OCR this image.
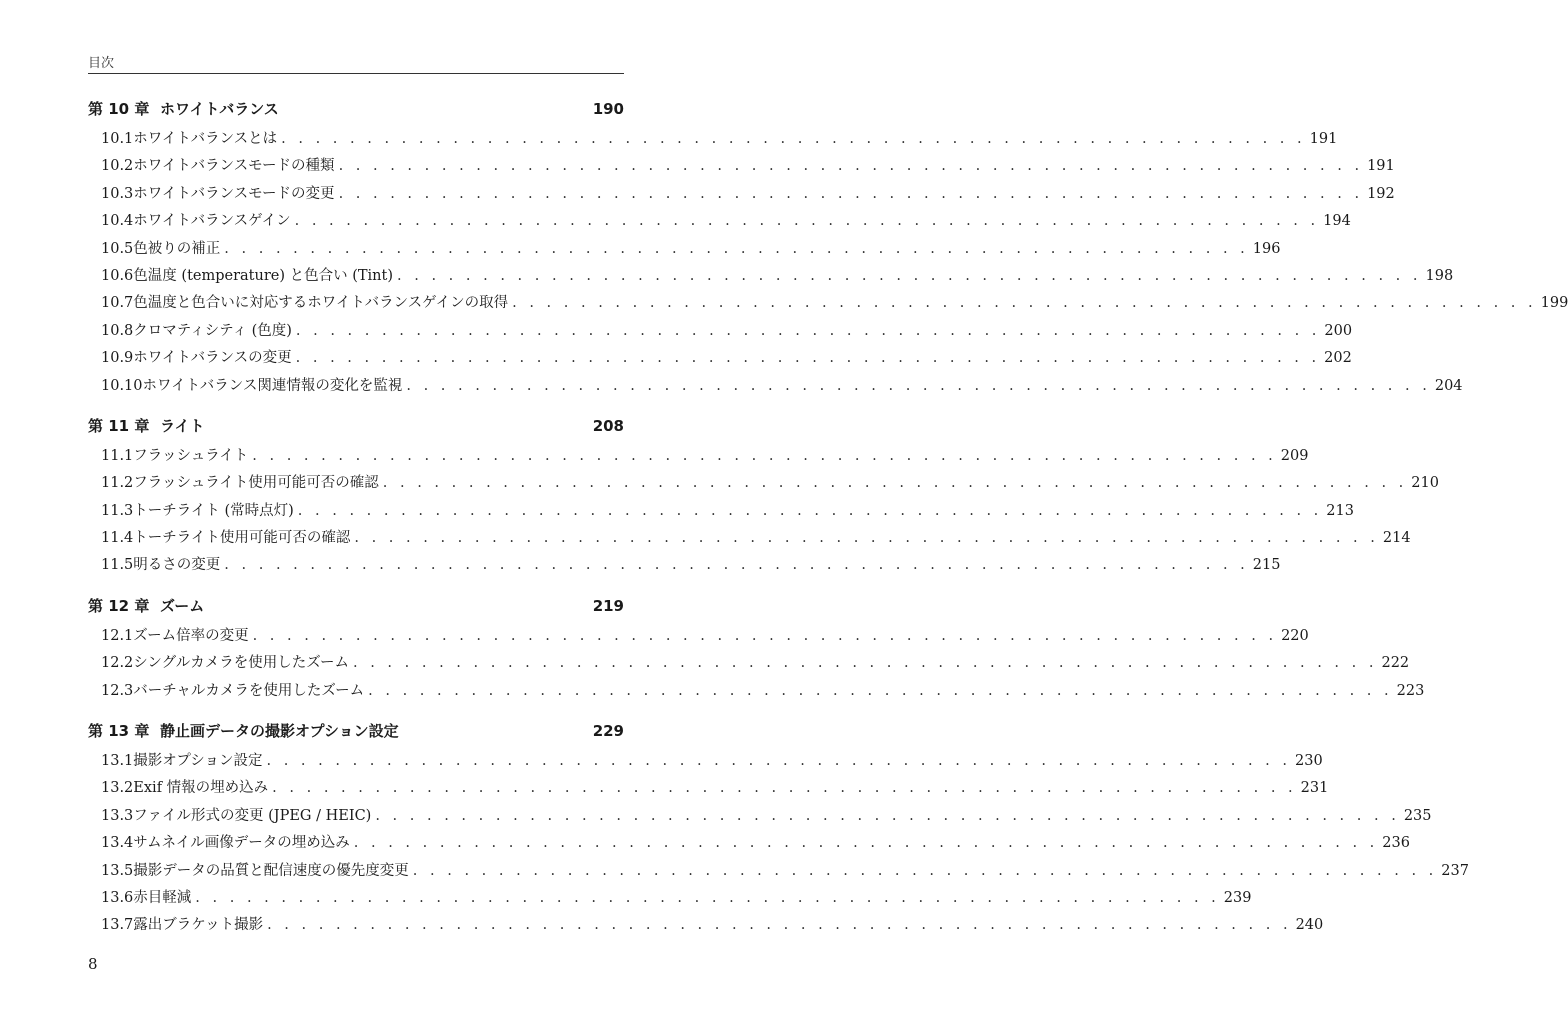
目次
第 10 章 ホワイトバランス	190
10.1 ホワイトバランスとは . . . . . . . . . . . . . . . . . . . . . . . . . . . . . . . . . . . . . . . . . . . . . . . . . . . . . . . . . . . . 191
10.2 ホワイトバランスモードの種類 . . . . . . . . . . . . . . . . . . . . . . . . . . . . . . . . . . . . . . . . . . . . . . . . . . . . . . . . . . . . 191
10.3 ホワイトバランスモードの変更 . . . . . . . . . . . . . . . . . . . . . . . . . . . . . . . . . . . . . . . . . . . . . . . . . . . . . . . . . . . . 192
10.4 ホワイトバランスゲイン . . . . . . . . . . . . . . . . . . . . . . . . . . . . . . . . . . . . . . . . . . . . . . . . . . . . . . . . . . . . 194
10.5 色被りの補正 . . . . . . . . . . . . . . . . . . . . . . . . . . . . . . . . . . . . . . . . . . . . . . . . . . . . . . . . . . . . 196
10.6 色温度 (temperature) と色合い (Tint) . . . . . . . . . . . . . . . . . . . . . . . . . . . . . . . . . . . . . . . . . . . . . . . . . . . . . . . . . . . . 198
10.7 色温度と色合いに対応するホワイトバランスゲインの取得 . . . . . . . . . . . . . . . . . . . . . . . . . . . . . . . . . . . . . . . . . . . . . . . . . . . . . . . . . . . . 199
10.8 クロマティシティ (色度) . . . . . . . . . . . . . . . . . . . . . . . . . . . . . . . . . . . . . . . . . . . . . . . . . . . . . . . . . . . . 200
10.9 ホワイトバランスの変更 . . . . . . . . . . . . . . . . . . . . . . . . . . . . . . . . . . . . . . . . . . . . . . . . . . . . . . . . . . . . 202
10.10 ホワイトバランス関連情報の変化を監視 . . . . . . . . . . . . . . . . . . . . . . . . . . . . . . . . . . . . . . . . . . . . . . . . . . . . . . . . . . . . 204
第 11 章 ライト	208
11.1 フラッシュライト . . . . . . . . . . . . . . . . . . . . . . . . . . . . . . . . . . . . . . . . . . . . . . . . . . . . . . . . . . . . 209
11.2 フラッシュライト使用可能可否の確認 . . . . . . . . . . . . . . . . . . . . . . . . . . . . . . . . . . . . . . . . . . . . . . . . . . . . . . . . . . . . 210
11.3 トーチライト (常時点灯) . . . . . . . . . . . . . . . . . . . . . . . . . . . . . . . . . . . . . . . . . . . . . . . . . . . . . . . . . . . . 213
11.4 トーチライト使用可能可否の確認 . . . . . . . . . . . . . . . . . . . . . . . . . . . . . . . . . . . . . . . . . . . . . . . . . . . . . . . . . . . . 214
11.5 明るさの変更 . . . . . . . . . . . . . . . . . . . . . . . . . . . . . . . . . . . . . . . . . . . . . . . . . . . . . . . . . . . . 215
第 12 章 ズーム	219
12.1 ズーム倍率の変更 . . . . . . . . . . . . . . . . . . . . . . . . . . . . . . . . . . . . . . . . . . . . . . . . . . . . . . . . . . . . 220
12.2 シングルカメラを使用したズーム . . . . . . . . . . . . . . . . . . . . . . . . . . . . . . . . . . . . . . . . . . . . . . . . . . . . . . . . . . . . 222
12.3 バーチャルカメラを使用したズーム . . . . . . . . . . . . . . . . . . . . . . . . . . . . . . . . . . . . . . . . . . . . . . . . . . . . . . . . . . . . 223
第 13 章 静止画データの撮影オプション設定	229
13.1 撮影オプション設定 . . . . . . . . . . . . . . . . . . . . . . . . . . . . . . . . . . . . . . . . . . . . . . . . . . . . . . . . . . . . 230
13.2 Exif 情報の埋め込み . . . . . . . . . . . . . . . . . . . . . . . . . . . . . . . . . . . . . . . . . . . . . . . . . . . . . . . . . . . . 231
13.3 ファイル形式の変更 (JPEG / HEIC) . . . . . . . . . . . . . . . . . . . . . . . . . . . . . . . . . . . . . . . . . . . . . . . . . . . . . . . . . . . . 235
13.4 サムネイル画像データの埋め込み . . . . . . . . . . . . . . . . . . . . . . . . . . . . . . . . . . . . . . . . . . . . . . . . . . . . . . . . . . . . 236
13.5 撮影データの品質と配信速度の優先度変更 . . . . . . . . . . . . . . . . . . . . . . . . . . . . . . . . . . . . . . . . . . . . . . . . . . . . . . . . . . . . 237
13.6 赤目軽減 . . . . . . . . . . . . . . . . . . . . . . . . . . . . . . . . . . . . . . . . . . . . . . . . . . . . . . . . . . . . 239
13.7 露出ブラケット撮影 . . . . . . . . . . . . . . . . . . . . . . . . . . . . . . . . . . . . . . . . . . . . . . . . . . . . . . . . . . . . 240
8
